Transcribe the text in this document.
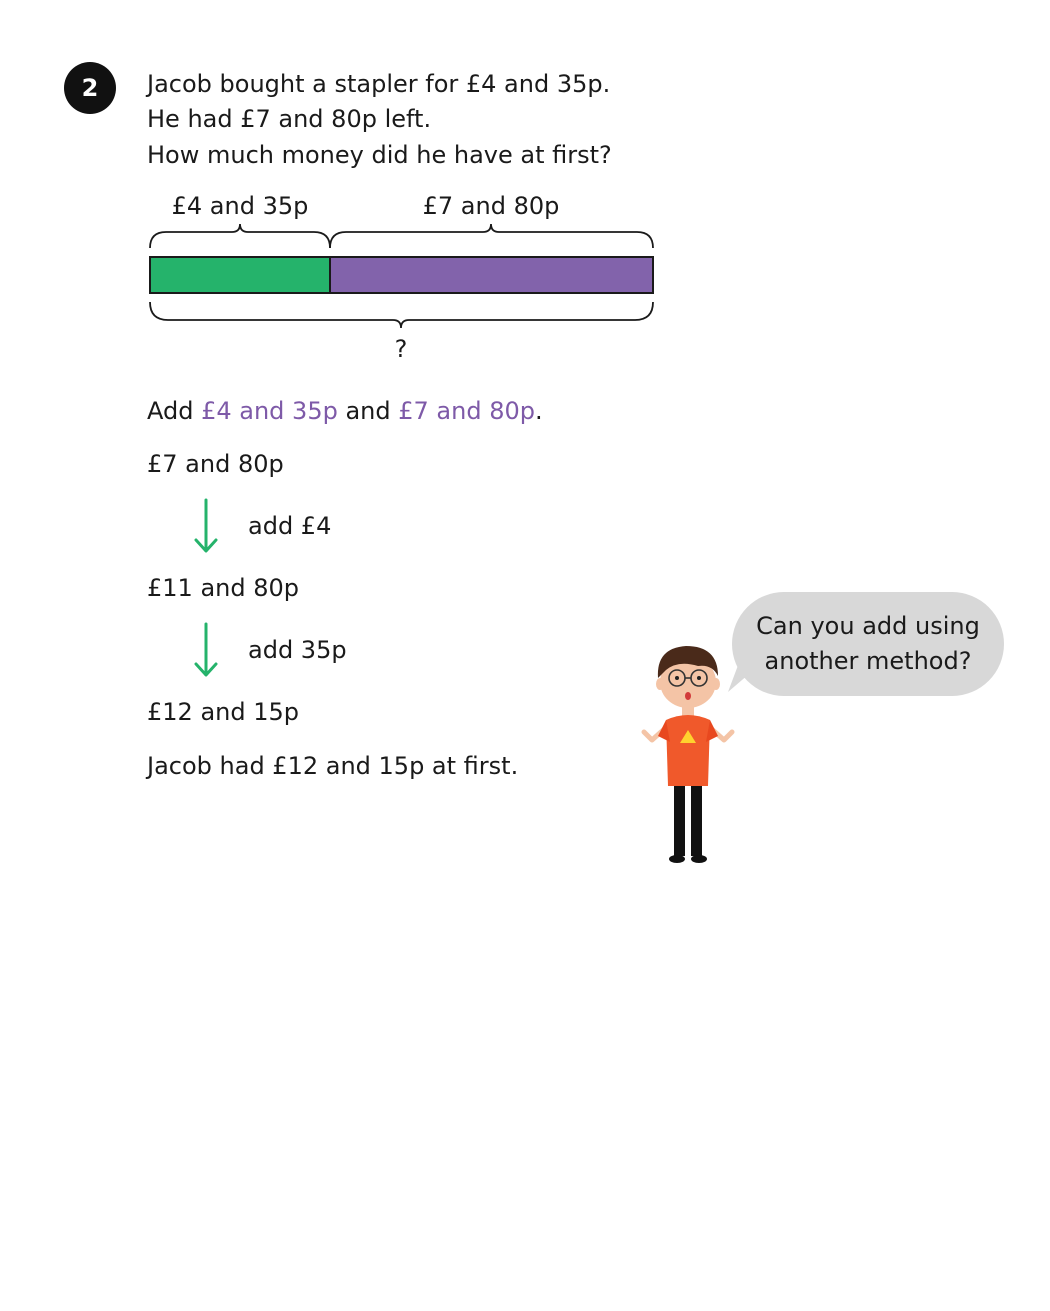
2	Jacob bought a stapler for £4 and 35p.
He had £7 and 80p left.
How much money did he have at first?
£4 and 35p	£7 and 80p
?
Add £4 and 35p and £7 and 80p.
£7 and 80p
add £4
£11 and 80p
add 35p
£12 and 15p
Jacob had £12 and 15p at first.
Can you add using
another method?
